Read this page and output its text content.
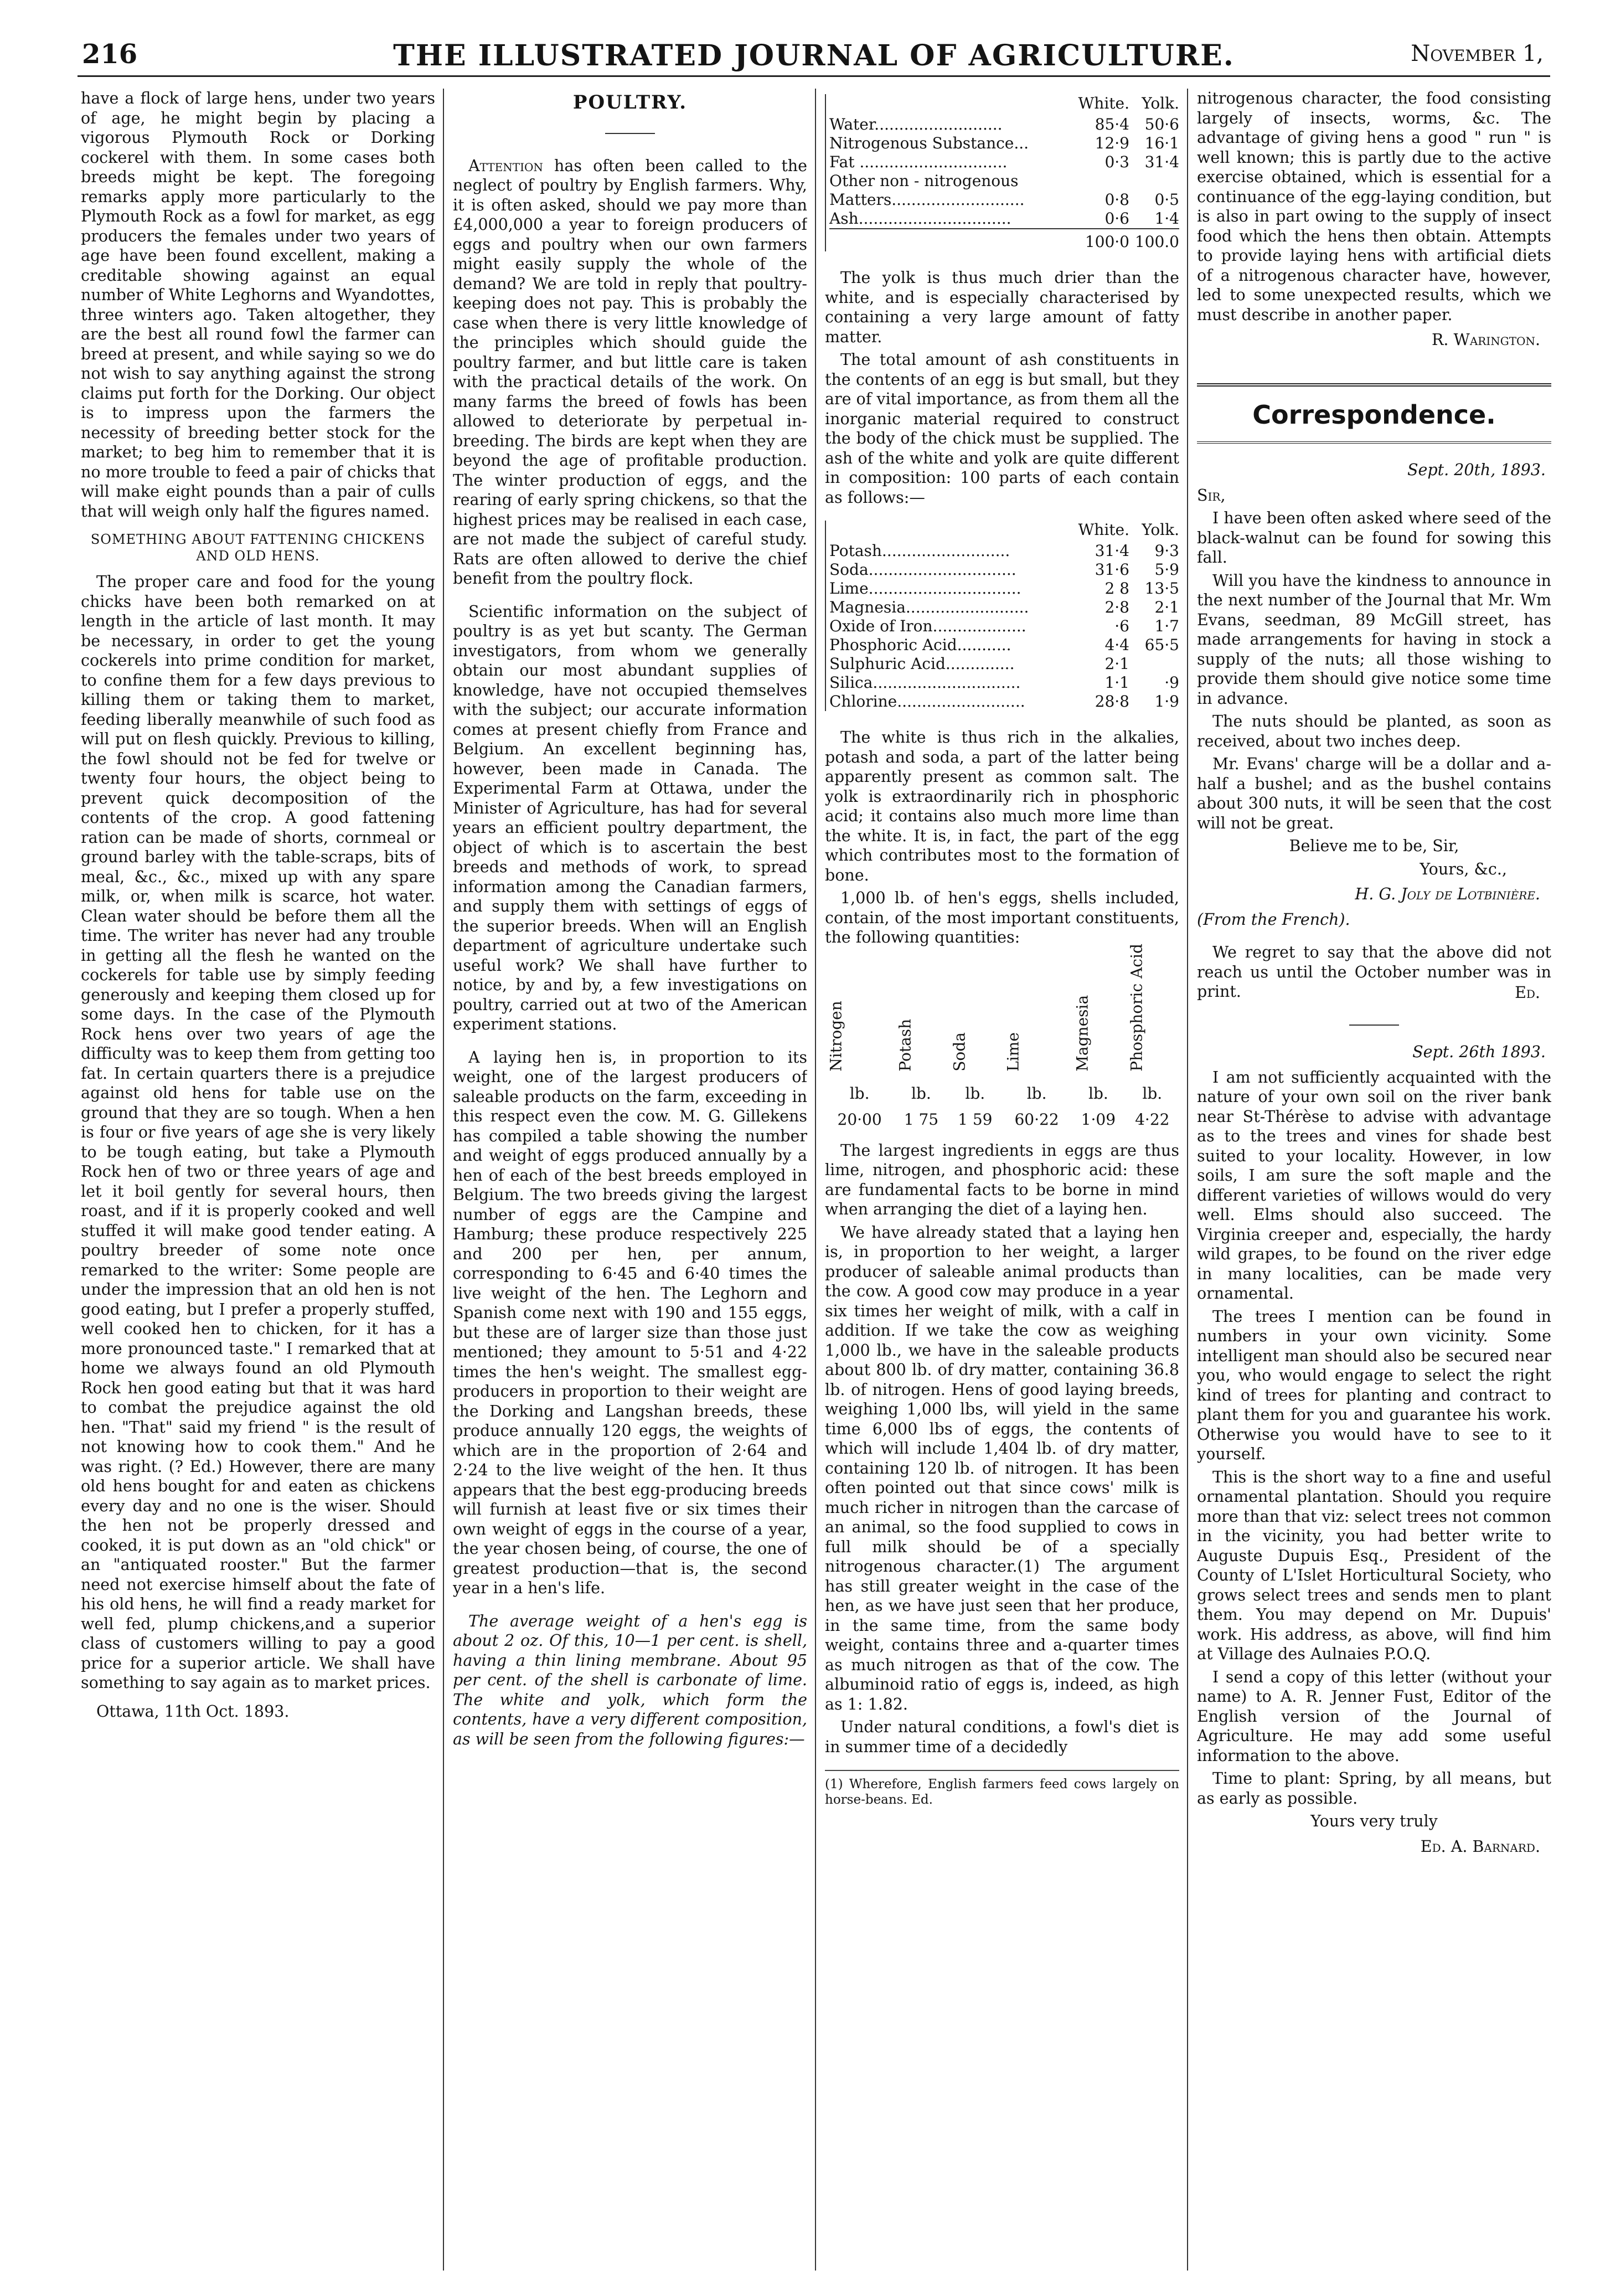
216	THE ILLUSTRATED JOURNAL OF AGRICULTURE.	November 1,

have a flock of large hens, under two years of age, he might begin by placing a vigorous Plymouth Rock or Dorking cockerel with them. In some cases both breeds might be kept. The foregoing remarks apply more particularly to the Plymouth Rock as a fowl for market, as egg producers the females under two years of age have been found excellent, making a creditable showing against an equal number of White Leghorns and Wyandottes, three winters ago. Taken altogether, they are the best all round fowl the farmer can breed at present, and while saying so we do not wish to say anything against the strong claims put forth for the Dorking. Our object is to impress upon the farmers the necessity of breeding better stock for the market; to beg him to remember that it is no more trouble to feed a pair of chicks that will make eight pounds than a pair of culls that will weigh only half the figures named.

SOMETHING ABOUT FATTENING CHICKENS AND OLD HENS.

The proper care and food for the young chicks have been both remarked on at length in the article of last month. It may be necessary, in order to get the young cockerels into prime condition for market, to confine them for a few days previous to killing them or taking them to market, feeding liberally meanwhile of such food as will put on flesh quickly. Previous to killing, the fowl should not be fed for twelve or twenty four hours, the object being to prevent quick decomposition of the contents of the crop. A good fattening ration can be made of shorts, cornmeal or ground barley with the table-scraps, bits of meal, &c., &c., mixed up with any spare milk, or, when milk is scarce, hot water. Clean water should be before them all the time. The writer has never had any trouble in getting all the flesh he wanted on the cockerels for table use by simply feeding generously and keeping them closed up for some days. In the case of the Plymouth Rock hens over two years of age the difficulty was to keep them from getting too fat. In certain quarters there is a prejudice against old hens for table use on the ground that they are so tough. When a hen is four or five years of age she is very likely to be tough eating, but take a Plymouth Rock hen of two or three years of age and let it boil gently for several hours, then roast, and if it is properly cooked and well stuffed it will make good tender eating. A poultry breeder of some note once remarked to the writer: Some people are under the impression that an old hen is not good eating, but I prefer a properly stuffed, well cooked hen to chicken, for it has a more pronounced taste." I remarked that at home we always found an old Plymouth Rock hen good eating but that it was hard to combat the prejudice against the old hen. "That" said my friend " is the result of not knowing how to cook them." And he was right. (? Ed.) However, there are many old hens bought for and eaten as chickens every day and no one is the wiser. Should the hen not be properly dressed and cooked, it is put down as an "old chick" or an "antiquated rooster." But the farmer need not exercise himself about the fate of his old hens, he will find a ready market for well fed, plump chickens,and a superior class of customers willing to pay a good price for a superior article. We shall have something to say again as to market prices.

Ottawa, 11th Oct. 1893.

POULTRY.

Attention has often been called to the neglect of poultry by English farmers. Why, it is often asked, should we pay more than £4,000,000 a year to foreign producers of eggs and poultry when our own farmers might easily supply the whole of the demand? We are told in reply that poultry-keeping does not pay. This is probably the case when there is very little knowledge of the principles which should guide the poultry farmer, and but little care is taken with the practical details of the work. On many farms the breed of fowls has been allowed to deteriorate by perpetual in-breeding. The birds are kept when they are beyond the age of profitable production. The winter production of eggs, and the rearing of early spring chickens, so that the highest prices may be realised in each case, are not made the subject of careful study. Rats are often allowed to derive the chief benefit from the poultry flock.

Scientific information on the subject of poultry is as yet but scanty. The German investigators, from whom we generally obtain our most abundant supplies of knowledge, have not occupied themselves with the subject; our accurate information comes at present chiefly from France and Belgium. An excellent beginning has, however, been made in Canada. The Experimental Farm at Ottawa, under the Minister of Agriculture, has had for several years an efficient poultry department, the object of which is to ascertain the best breeds and methods of work, to spread information among the Canadian farmers, and supply them with settings of eggs of the superior breeds. When will an English department of agriculture undertake such useful work? We shall have further to notice, by and by, a few investigations on poultry, carried out at two of the American experiment stations.

A laying hen is, in proportion to its weight, one of the largest producers of saleable products on the farm, exceeding in this respect even the cow. M. G. Gillekens has compiled a table showing the number and weight of eggs produced annually by a hen of each of the best breeds employed in Belgium. The two breeds giving the largest number of eggs are the Campine and Hamburg; these produce respectively 225 and 200 per hen, per annum, corresponding to 6·45 and 6·40 times the live weight of the hen. The Leghorn and Spanish come next with 190 and 155 eggs, but these are of larger size than those just mentioned; they amount to 5·51 and 4·22 times the hen's weight. The smallest egg-producers in proportion to their weight are the Dorking and Langshan breeds, these produce annually 120 eggs, the weights of which are in the proportion of 2·64 and 2·24 to the live weight of the hen. It thus appears that the best egg-producing breeds will furnish at least five or six times their own weight of eggs in the course of a year, the year chosen being, of course, the one of greatest production—that is, the second year in a hen's life.

The average weight of a hen's egg is about 2 oz. Of this, 10—1 per cent. is shell, having a thin lining membrane. About 95 per cent. of the shell is carbonate of lime. The white and yolk, which form the contents, have a very different composition, as will be seen from the following figures:—

	White.	Yolk.
Water..........................	85·4	50·6
Nitrogenous Substance...	12·9	16·1
Fat ..............................	0·3	31·4
Other non - nitrogenous Matters...........................	0·8	0·5
Ash...............................	0·6	1·4
	100·0	100.0

The yolk is thus much drier than the white, and is especially characterised by containing a very large amount of fatty matter.

The total amount of ash constituents in the contents of an egg is but small, but they are of vital importance, as from them all the inorganic material required to construct the body of the chick must be supplied. The ash of the white and yolk are quite different in composition: 100 parts of each contain as follows:—

	White.	Yolk.
Potash..........................	31·4	9·3
Soda..............................	31·6	5·9
Lime...............................	2 8	13·5
Magnesia.........................	2·8	2·1
Oxide of Iron...................	·6	1·7
Phosphoric Acid...........	4·4	65·5
Sulphuric Acid..............	2·1	
Silica..............................	1·1	·9
Chlorine..........................	28·8	1·9

The white is thus rich in the alkalies, potash and soda, a part of the latter being apparently present as common salt. The yolk is extraordinarily rich in phosphoric acid; it contains also much more lime than the white. It is, in fact, the part of the egg which contributes most to the formation of bone.

1,000 lb. of hen's eggs, shells included, contain, of the most important constituents, the following quantities:

Nitrogen	Potash	Soda	Lime	Magnesia	Phosphoric Acid
lb.	lb.	lb.	lb.	lb.	lb.
20·00	1 75	1 59	60·22	1·09	4·22

The largest ingredients in eggs are thus lime, nitrogen, and phosphoric acid: these are fundamental facts to be borne in mind when arranging the diet of a laying hen.

We have already stated that a laying hen is, in proportion to her weight, a larger producer of saleable animal products than the cow. A good cow may produce in a year six times her weight of milk, with a calf in addition. If we take the cow as weighing 1,000 lb., we have in the saleable products about 800 lb. of dry matter, containing 36.8 lb. of nitrogen. Hens of good laying breeds, weighing 1,000 lbs, will yield in the same time 6,000 lbs of eggs, the contents of which will include 1,404 lb. of dry matter, containing 120 lb. of nitrogen. It has been often pointed out that since cows' milk is much richer in nitrogen than the carcase of an animal, so the food supplied to cows in full milk should be of a specially nitrogenous character.(1) The argument has still greater weight in the case of the hen, as we have just seen that her produce, in the same time, from the same body weight, contains three and a-quarter times as much nitrogen as that of the cow. The albuminoid ratio of eggs is, indeed, as high as 1: 1.82.

Under natural conditions, a fowl's diet is in summer time of a decidedly

(1) Wherefore, English farmers feed cows largely on horse-beans. Ed.

nitrogenous character, the food consisting largely of insects, worms, &c. The advantage of giving hens a good " run " is well known; this is partly due to the active exercise obtained, which is essential for a continuance of the egg-laying condition, but is also in part owing to the supply of insect food which the hens then obtain. Attempts to provide laying hens with artificial diets of a nitrogenous character have, however, led to some unexpected results, which we must describe in another paper.

R. Warington.
Correspondence.
Sept. 20th, 1893.

Sir,

I have been often asked where seed of the black-walnut can be found for sowing this fall.

Will you have the kindness to announce in the next number of the Journal that Mr. Wm Evans, seedman, 89 McGill street, has made arrangements for having in stock a supply of the nuts; all those wishing to provide them should give notice some time in advance.

The nuts should be planted, as soon as received, about two inches deep.

Mr. Evans' charge will be a dollar and a-half a bushel; and as the bushel contains about 300 nuts, it will be seen that the cost will not be great.

Believe me to be, Sir,

Yours, &c.,

H. G. Joly de Lotbinière.

(From the French).

We regret to say that the above did not reach us until the October number was in print.	Ed.
Sept. 26th 1893.

I am not sufficiently acquainted with the nature of your own soil on the river bank near St-Thérèse to advise with advantage as to the trees and vines for shade best suited to your locality. However, in low soils, I am sure the soft maple and the different varieties of willows would do very well. Elms should also succeed. The Virginia creeper and, especially, the hardy wild grapes, to be found on the river edge in many localities, can be made very ornamental.

The trees I mention can be found in numbers in your own vicinity. Some intelligent man should also be secured near you, who would engage to select the right kind of trees for planting and contract to plant them for you and guarantee his work. Otherwise you would have to see to it yourself.

This is the short way to a fine and useful ornamental plantation. Should you require more than that viz: select trees not common in the vicinity, you had better write to Auguste Dupuis Esq., President of the County of L'Islet Horticultural Society, who grows select trees and sends men to plant them. You may depend on Mr. Dupuis' work. His address, as above, will find him at Village des Aulnaies P.O.Q.

I send a copy of this letter (without your name) to A. R. Jenner Fust, Editor of the English version of the Journal of Agriculture. He may add some useful information to the above.

Time to plant: Spring, by all means, but as early as possible.

Yours very truly

Ed. A. Barnard.
